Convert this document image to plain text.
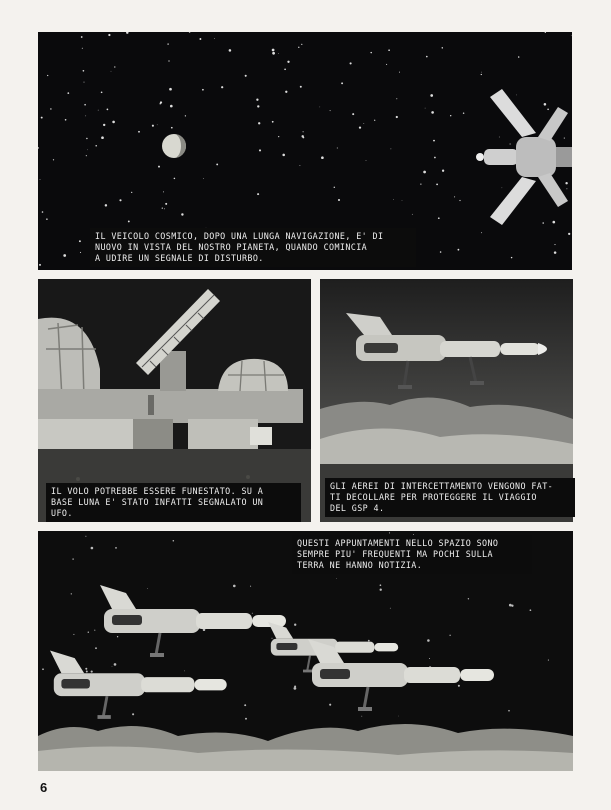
IL VEICOLO COSMICO, DOPO UNA LUNGA NAVIGAZIONE, E' DI
NUOVO IN VISTA DEL NOSTRO PIANETA, QUANDO COMINCIA
A UDIRE UN SEGNALE DI DISTURBO.
IL VOLO POTREBBE ESSERE FUNESTATO. SU A
BASE LUNA E' STATO INFATTI SEGNALATO UN
UFO.
GLI AEREI DI INTERCETTAMENTO VENGONO FAT-
TI DECOLLARE PER PROTEGGERE IL VIAGGIO
DEL GSP 4.
QUESTI APPUNTAMENTI NELLO SPAZIO SONO
SEMPRE PIU' FREQUENTI MA POCHI SULLA
TERRA NE HANNO NOTIZIA.
6
